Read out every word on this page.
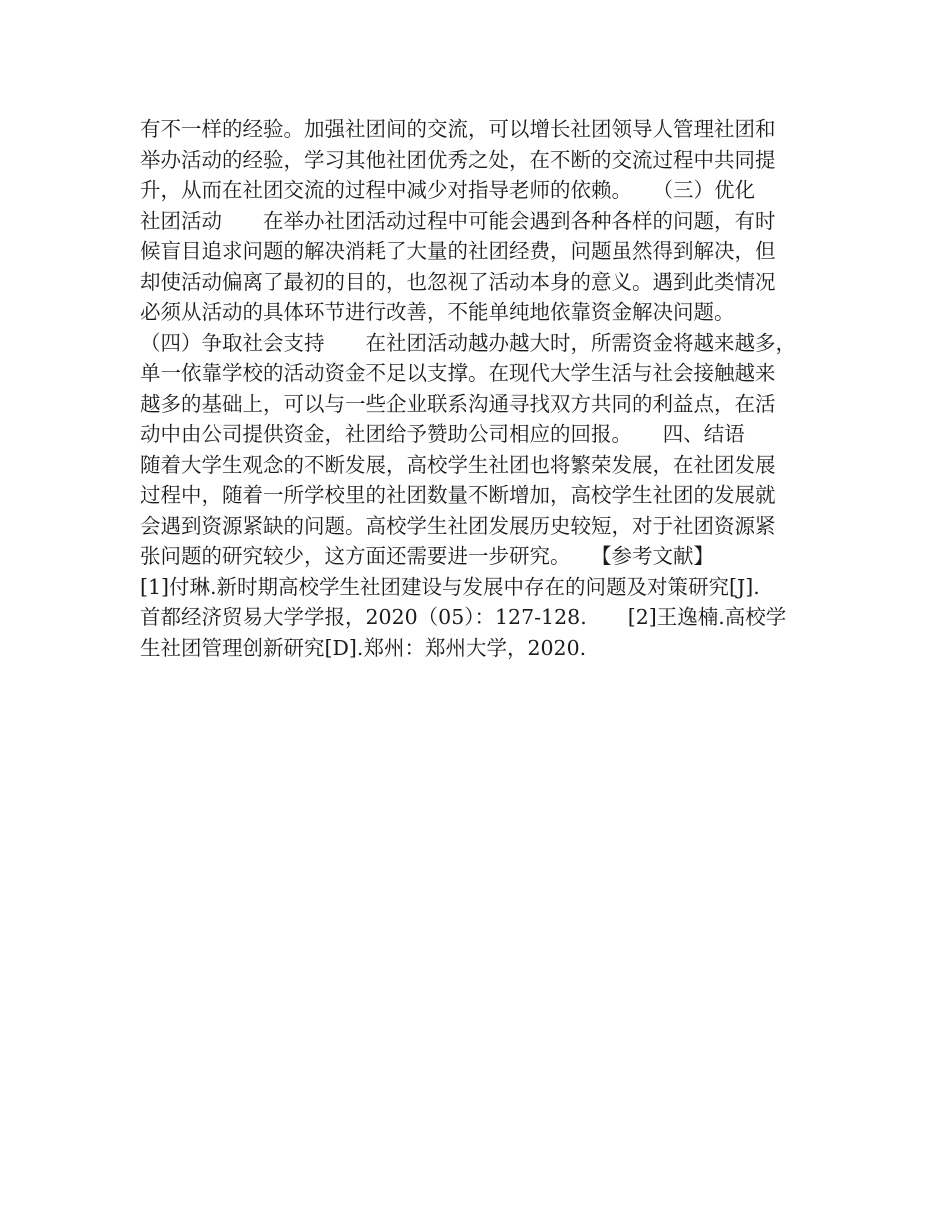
有不一样的经验。加强社团间的交流，可以增长社团领导人管理社团和
举办活动的经验，学习其他社团优秀之处，在不断的交流过程中共同提
升，从而在社团交流的过程中减少对指导老师的依赖。　　（三）优化
社团活动　　在举办社团活动过程中可能会遇到各种各样的问题，有时
候盲目追求问题的解决消耗了大量的社团经费，问题虽然得到解决，但
却使活动偏离了最初的目的，也忽视了活动本身的意义。遇到此类情况
必须从活动的具体环节进行改善，不能单纯地依靠资金解决问题。
（四）争取社会支持　　在社团活动越办越大时，所需资金将越来越多，
单一依靠学校的活动资金不足以支撑。在现代大学生活与社会接触越来
越多的基础上，可以与一些企业联系沟通寻找双方共同的利益点，在活
动中由公司提供资金，社团给予赞助公司相应的回报。　　四、结语
随着大学生观念的不断发展，高校学生社团也将繁荣发展，在社团发展
过程中，随着一所学校里的社团数量不断增加，高校学生社团的发展就
会遇到资源紧缺的问题。高校学生社团发展历史较短，对于社团资源紧
张问题的研究较少，这方面还需要进一步研究。　　【参考文献】
[1]付琳.新时期高校学生社团建设与发展中存在的问题及对策研究[J].
首都经济贸易大学学报，2020（05）：127-128.　　[2]王逸楠.高校学
生社团管理创新研究[D].郑州：郑州大学，2020.
